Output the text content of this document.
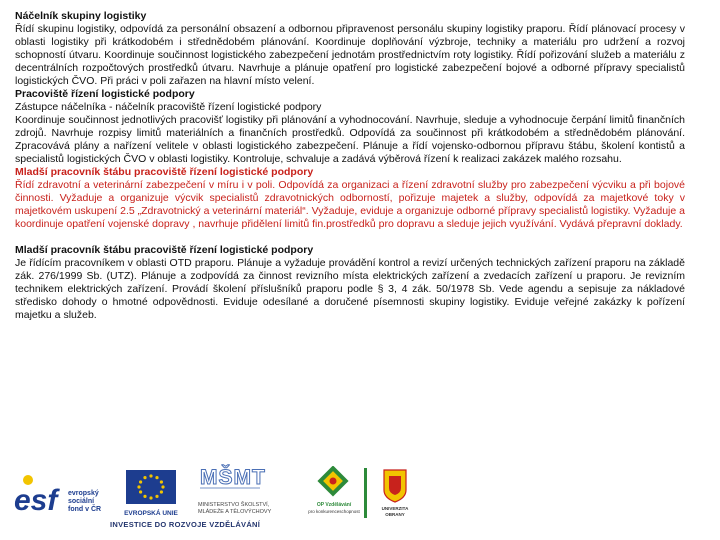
Náčelník skupiny logistiky

Řídí skupinu logistiky, odpovídá za personální obsazení a odbornou připravenost personálu skupiny logistiky praporu. Řídí plánovací procesy v oblasti logistiky při krátkodobém i střednědobém plánování. Koordinuje doplňování výzbroje, techniky a materiálu pro udržení a rozvoj schopností útvaru. Koordinuje součinnost logistického zabezpečení jednotám prostřednictvím roty logistiky. Řídí pořizování služeb a materiálu z decentrálních rozpočtových prostředků útvaru. Navrhuje a plánuje opatření pro logistické zabezpečení bojové a odborné přípravy specialistů logistických ČVO. Při práci v poli zařazen na hlavní místo velení.

Pracoviště řízení logistické podpory

Zástupce náčelníka - náčelník pracoviště řízení logistické podpory

Koordinuje součinnost jednotlivých pracovišť logistiky při plánování a vyhodnocování. Navrhuje, sleduje a vyhodnocuje čerpání limitů finančních zdrojů. Navrhuje rozpisy limitů materiálních a finančních prostředků. Odpovídá za součinnost při krátkodobém a střednědobém plánování. Zpracovává plány a nařízení velitele v oblasti logistického zabezpečení. Plánuje a řídí vojensko-odbornou přípravu štábu, školení kontistů a specialistů logistických ČVO v oblasti logistiky. Kontroluje, schvaluje a zadává výběrová řízení k realizaci zakázek malého rozsahu.

Mladší pracovník štábu pracoviště řízení logistické podpory

Řídí zdravotní a veterinární zabezpečení v míru i v poli. Odpovídá za organizaci a řízení zdravotní služby pro zabezpečení výcviku a při bojové činnosti. Vyžaduje a organizuje výcvik specialistů zdravotnických odborností, pořizuje majetek a služby, odpovídá za majetkové toky v majetkovém uskupení 2.5 „Zdravotnický a veterinární materiál“. Vyžaduje, eviduje a organizuje odborné přípravy specialistů logistiky. Vyžaduje a koordinuje opatření vojenské dopravy , navrhuje přidělení limitů fin.prostředků pro dopravu a sleduje jejich využívání. Vydává přepravní doklady.

Mladší pracovník štábu pracoviště řízení logistické podpory

Je řídícím pracovníkem v oblasti OTD praporu. Plánuje a vyžaduje provádění kontrol a revizí určených technických zařízení praporu na základě zák. 276/1999 Sb. (UTZ). Plánuje a zodpovídá za činnost revizního místa elektrických zařízení a zvedacích zařízení u praporu. Je revizním technikem elektrických zařízení. Provádí školení příslušníků praporu podle § 3, 4 zák. 50/1978 Sb. Vede agendu a sepisuje za nákladové středisko dohody o hmotné odpovědnosti. Eviduje odesílané a doručené písemnosti skupiny logistiky. Eviduje veřejné zakázky k pořízení majetku a služeb.

esf	evropský
sociální
fond v ČR
EVROPSKÁ UNIE
MŠMT
MINISTERSTVO ŠKOLSTVÍ,
MLÁDEŽE A TĚLOVÝCHOVY
OP Vzdělávání
pro konkurenceschopnost
UNIVERZITA
OBRANY
INVESTICE DO ROZVOJE VZDĚLÁVÁNÍ
